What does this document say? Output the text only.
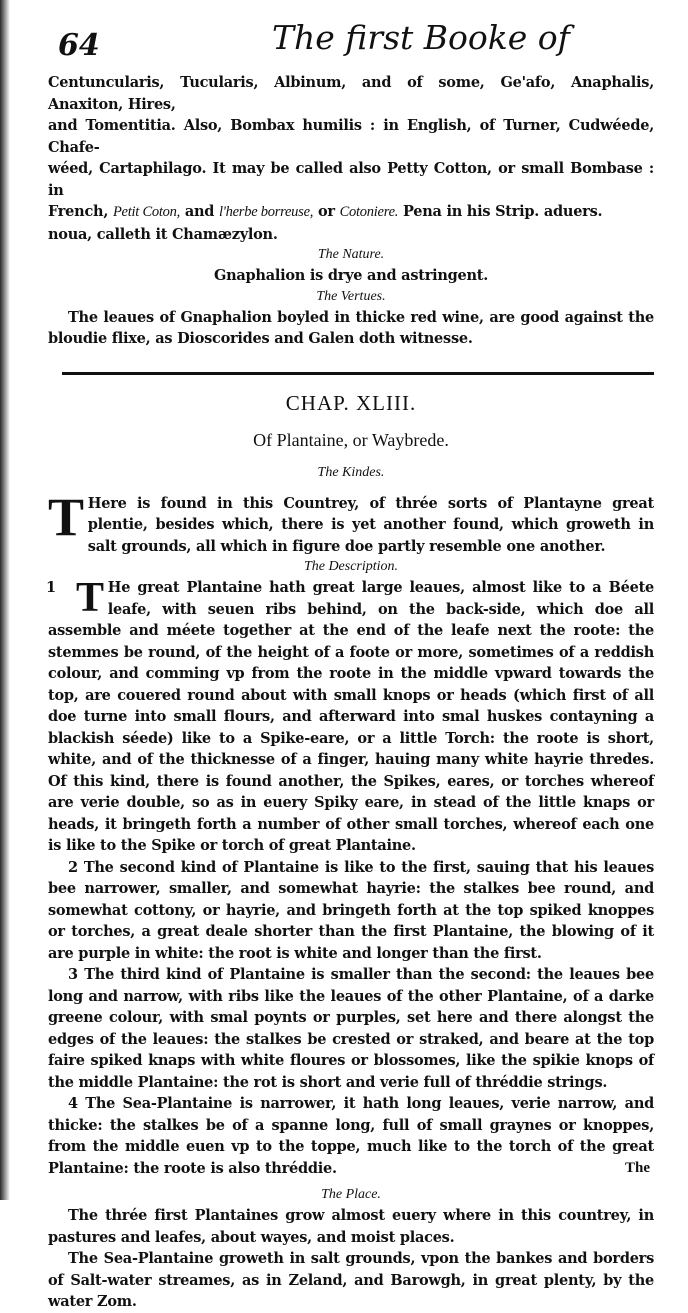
64	The first Booke of

Centuncularis, Tucularis, Albinum, and of some, Ge'afo, Anaphalis, Anaxiton, Hires,

and Tomentitia. Also, Bombax humilis : in English, of Turner, Cudwéede, Chafe-

wéed, Cartaphilago. It may be called also Petty Cotton, or small Bombase : in

French, Petit Coton, and l'herbe borreuse, or Cotoniere. Pena in his Strip. aduers.

noua, calleth it Chamæzylon.

The Nature.

Gnaphalion is drye and astringent.

The Vertues.

The leaues of Gnaphalion boyled in thicke red wine, are good against the bloudie flixe, as Dioscorides and Galen doth witnesse.

CHAP. XLIII.

Of Plantaine, or Waybrede.

The Kindes.

T Here is found in this Countrey, of thrée sorts of Plantayne great plentie, besides which, there is yet another found, which groweth in salt grounds, all which in figure doe partly resemble one another.

The Description.

1 T He great Plantaine hath great large leaues, almost like to a Béete leafe, with seuen ribs behind, on the back-side, which doe all assemble and méete together at the end of the leafe next the roote: the stemmes be round, of the height of a foote or more, sometimes of a reddish colour, and comming vp from the roote in the middle vpward towards the top, are couered round about with small knops or heads (which first of all doe turne into small flours, and afterward into smal huskes contayning a blackish séede) like to a Spike-eare, or a little Torch: the roote is short, white, and of the thicknesse of a finger, hauing many white hayrie thredes. Of this kind, there is found another, the Spikes, eares, or torches whereof are verie double, so as in euery Spiky eare, in stead of the little knaps or heads, it bringeth forth a number of other small torches, whereof each one is like to the Spike or torch of great Plantaine.

2 The second kind of Plantaine is like to the first, sauing that his leaues bee narrower, smaller, and somewhat hayrie: the stalkes bee round, and somewhat cottony, or hayrie, and bringeth forth at the top spiked knoppes or torches, a great deale shorter than the first Plantaine, the blowing of it are purple in white: the root is white and longer than the first.

3 The third kind of Plantaine is smaller than the second: the leaues bee long and narrow, with ribs like the leaues of the other Plantaine, of a darke greene colour, with smal poynts or purples, set here and there alongst the edges of the leaues: the stalkes be crested or straked, and beare at the top faire spiked knaps with white floures or blossomes, like the spikie knops of the middle Plantaine: the rot is short and verie full of thréddie strings.

4 The Sea-Plantaine is narrower, it hath long leaues, verie narrow, and thicke: the stalkes be of a spanne long, full of small graynes or knoppes, from the middle euen vp to the toppe, much like to the torch of the great Plantaine: the roote is also thréddie.

The Place.

The thrée first Plantaines grow almost euery where in this countrey, in pastures and leafes, about wayes, and moist places.

The Sea-Plantaine groweth in salt grounds, vpon the bankes and borders of Salt-water streames, as in Zeland, and Barowgh, in great plenty, by the water Zom.

The
